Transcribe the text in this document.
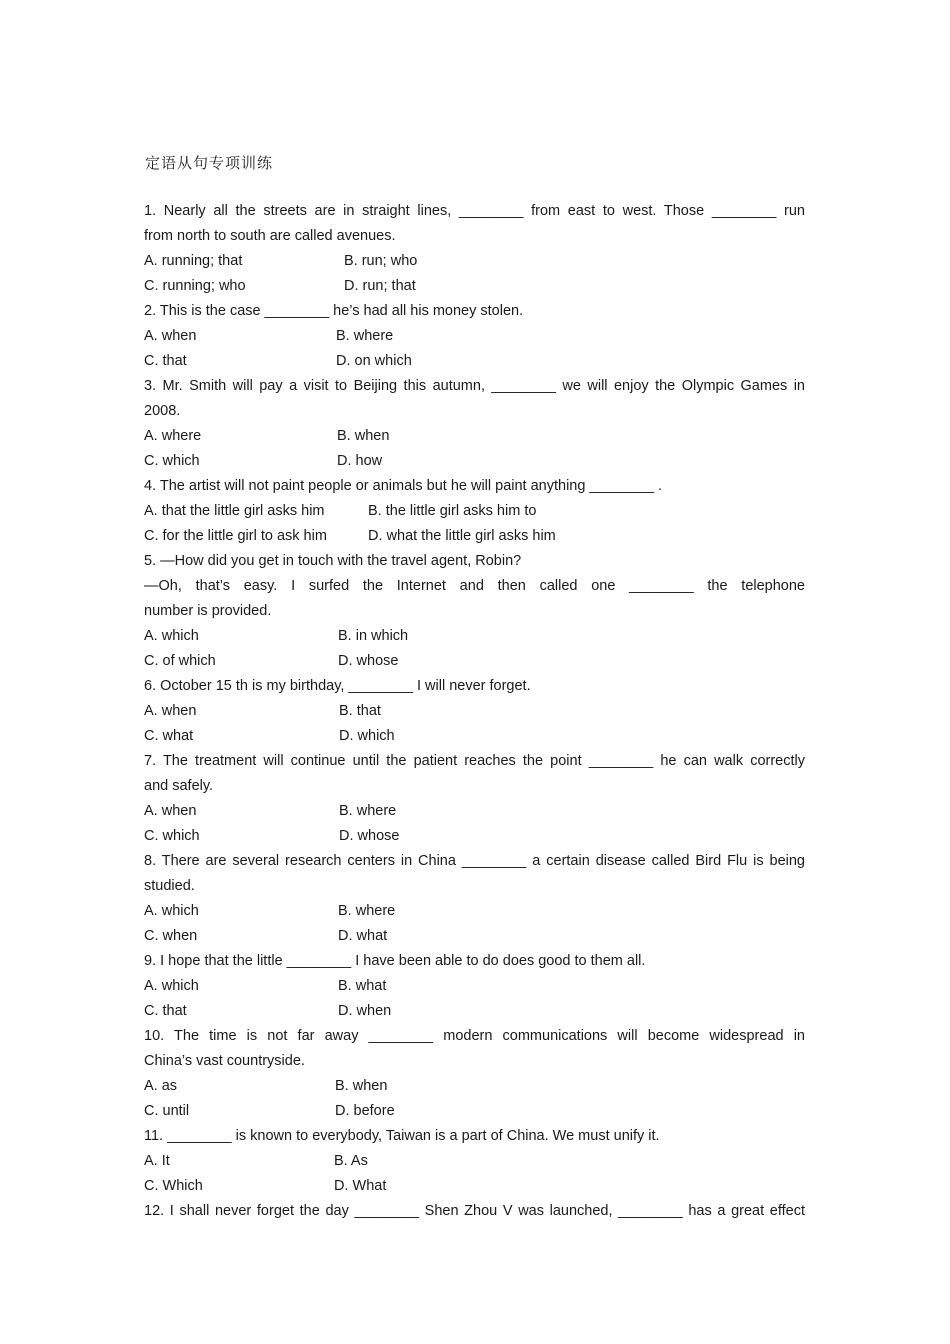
定语从句专项训练
1. Nearly all the streets are in straight lines, ________ from east to west. Those ________ run
from north to south are called avenues.
A. running; that	B. run; who
C. running; who	D. run; that
2. This is the case ________ he’s had all his money stolen.
A. when	B. where
C. that	D. on which
3. Mr. Smith will pay a visit to Beijing this autumn, ________ we will enjoy the Olympic Games in
2008.
A. where	B. when
C. which	D. how
4. The artist will not paint people or animals but he will paint anything ________ .
A. that the little girl asks him	B. the little girl asks him to
C. for the little girl to ask him	D. what the little girl asks him
5. —How did you get in touch with the travel agent, Robin?
—Oh, that’s easy. I surfed the Internet and then called one ________ the telephone
number is provided.
A. which	B. in which
C. of which	D. whose
6. October 15 th is my birthday, ________ I will never forget.
A. when	B. that
C. what	D. which
7. The treatment will continue until the patient reaches the point ________ he can walk correctly
and safely.
A. when	B. where
C. which	D. whose
8. There are several research centers in China ________ a certain disease called Bird Flu is being
studied.
A. which	B. where
C. when	D. what
9. I hope that the little ________ I have been able to do does good to them all.
A. which	B. what
C. that	D. when
10. The time is not far away ________ modern communications will become widespread in
China’s vast countryside.
A. as	B. when
C. until	D. before
11. ________ is known to everybody, Taiwan is a part of China. We must unify it.
A. It	B. As
C. Which	D. What
12. I shall never forget the day ________ Shen Zhou V was launched, ________ has a great effect
